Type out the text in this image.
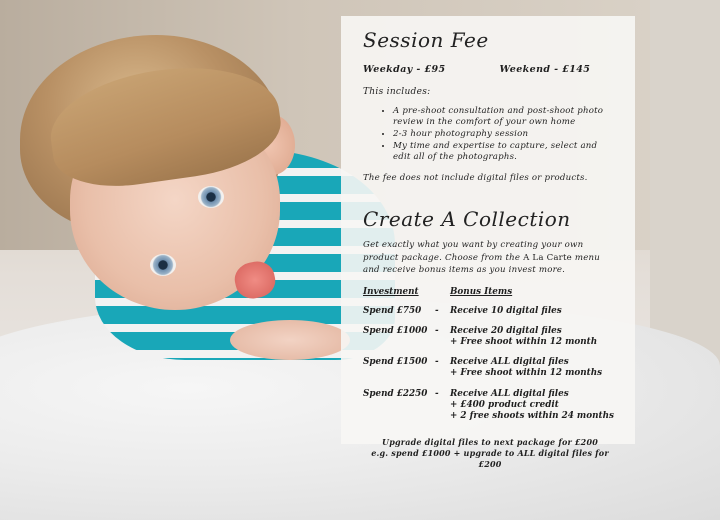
Session Fee
Weekday - £95	Weekend - £145

This includes:

• A pre-shoot consultation and post-shoot photo review in the comfort of your own home
• 2-3 hour photography session
• My time and expertise to capture, select and edit all of the photographs.

The fee does not include digital files or products.

Create A Collection

Get exactly what you want by creating your own product package. Choose from the A La Carte menu and receive bonus items as you invest more.

Investment	Bonus Items
Spend £750	-	Receive 10 digital files
Spend £1000 -	Receive 20 digital files
+ Free shoot within 12 month
Spend £1500 -	Receive ALL digital files
+ Free shoot within 12 months
Spend £2250 -	Receive ALL digital files
+ £400 product credit
+ 2 free shoots within 24 months
Upgrade digital files to next package for £200
e.g. spend £1000 + upgrade to ALL digital files for £200
